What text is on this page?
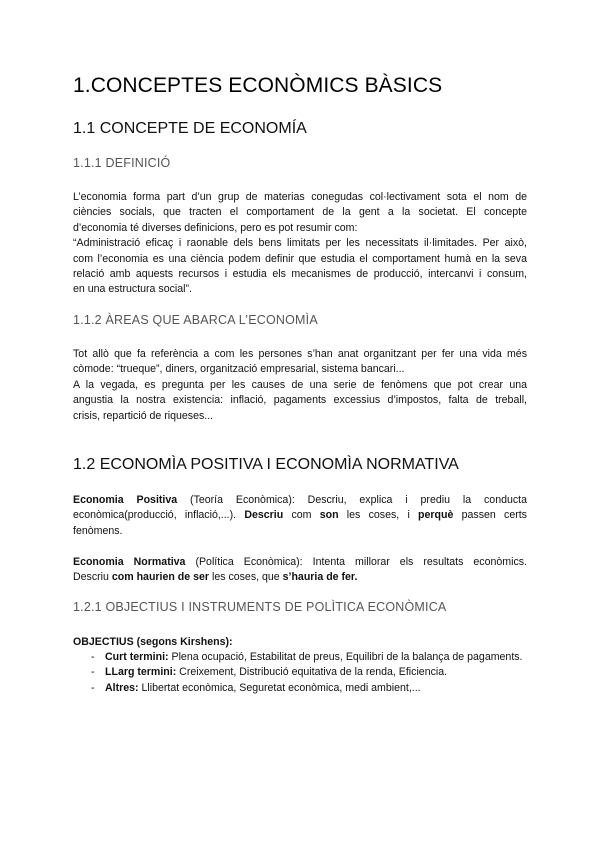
1.CONCEPTES ECONÒMICS BÀSICS
1.1 CONCEPTE DE ECONOMÍA
1.1.1 DEFINICIÓ
L’economia forma part d’un grup de materias conegudas col·lectivament sota el nom de
ciències socials, que tracten el comportament de la gent a la societat. El concepte
d’economia té diverses definicions, pero es pot resumir com:
“Administració eficaç i raonable dels bens limitats per les necessitats il·limitades. Per això,
com l’economia es una ciència podem definir que estudia el comportament humà en la seva
relació amb aquests recursos i estudia els mecanismes de producció, intercanvi i consum,
en una estructura social”.
1.1.2 ÀREAS QUE ABARCA L’ECONOMÌA
Tot allò que fa referència a com les persones s’han anat organitzant per fer una vida més
còmode: “trueque”, diners, organització empresarial, sistema bancari...
A la vegada, es pregunta per les causes de una serie de fenòmens que pot crear una
angustia la nostra existencia: inflació, pagaments excessius d’impostos, falta de treball,
crisis, repartició de riqueses...
1.2 ECONOMÌA POSITIVA I ECONOMÌA NORMATIVA
Economia Positiva (Teoría Econòmica): Descriu, explica i prediu la conducta
econòmica(producció, inflació,...). Descriu com son les coses, i perquè passen certs
fenòmens.
Economia Normativa (Política Econòmica): Intenta millorar els resultats econòmics.
Descriu com haurien de ser les coses, que s’hauria de fer.
1.2.1 OBJECTIUS I INSTRUMENTS DE POLÌTICA ECONÒMICA
OBJECTIUS (segons Kirshens):
- Curt termini: Plena ocupació, Estabilitat de preus, Equilibri de la balança de pagaments.
- LLarg termini: Creixement, Distribució equitativa de la renda, Eficiencia.
- Altres: Llibertat econòmica, Seguretat econòmica, medi ambient,...
